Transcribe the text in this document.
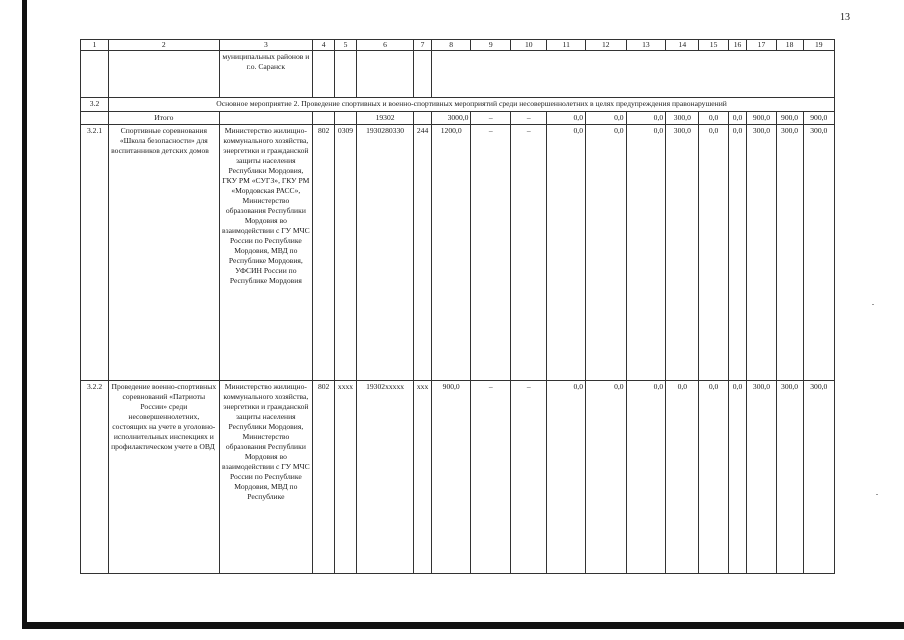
13
1	2	3	4	5	6	7	8	9	10	11	12	13	14	15	16	17	18	19
		муниципальных районов и г.о. Саранск																
3.2	Основное мероприятие 2. Проведение спортивных и военно-спортивных мероприятий среди несовершеннолетних в целях предупреждения правонарушений																	
	Итого				19302		3000,0	–	–	0,0	0,0	0,0	300,0	0,0	0,0	900,0	900,0	900,0
3.2.1	Спортивные соревнования «Школа безопасности» для воспитанников детских домов	Министерство жилищно-коммунального хозяйства, энергетики и гражданской защиты населения Республики Мордовия, ГКУ РМ «СУГЗ», ГКУ РМ «Мордовская РАСС», Министерство образования Республики Мордовия во взаимодействии с ГУ МЧС России по Республике Мордовия, МВД по Республике Мордовия, УФСИН России по Республике Мордовия	802	0309	1930280330	244	1200,0	–	–	0,0	0,0	0,0	300,0	0,0	0,0	300,0	300,0	300,0
3.2.2	Проведение военно-спортивных соревнований «Патриоты России» среди несовершеннолетних, состоящих на учете в уголовно-исполнительных инспекциях и профилактическом учете в ОВД	Министерство жилищно-коммунального хозяйства, энергетики и гражданской защиты населения Республики Мордовия, Министерство образования Республики Мордовия во взаимодействии с ГУ МЧС России по Республике Мордовия, МВД по Республике	802	хххх	19302ххххх	ххх	900,0	–	–	0,0	0,0	0,0	0,0	0,0	0,0	300,0	300,0	300,0
